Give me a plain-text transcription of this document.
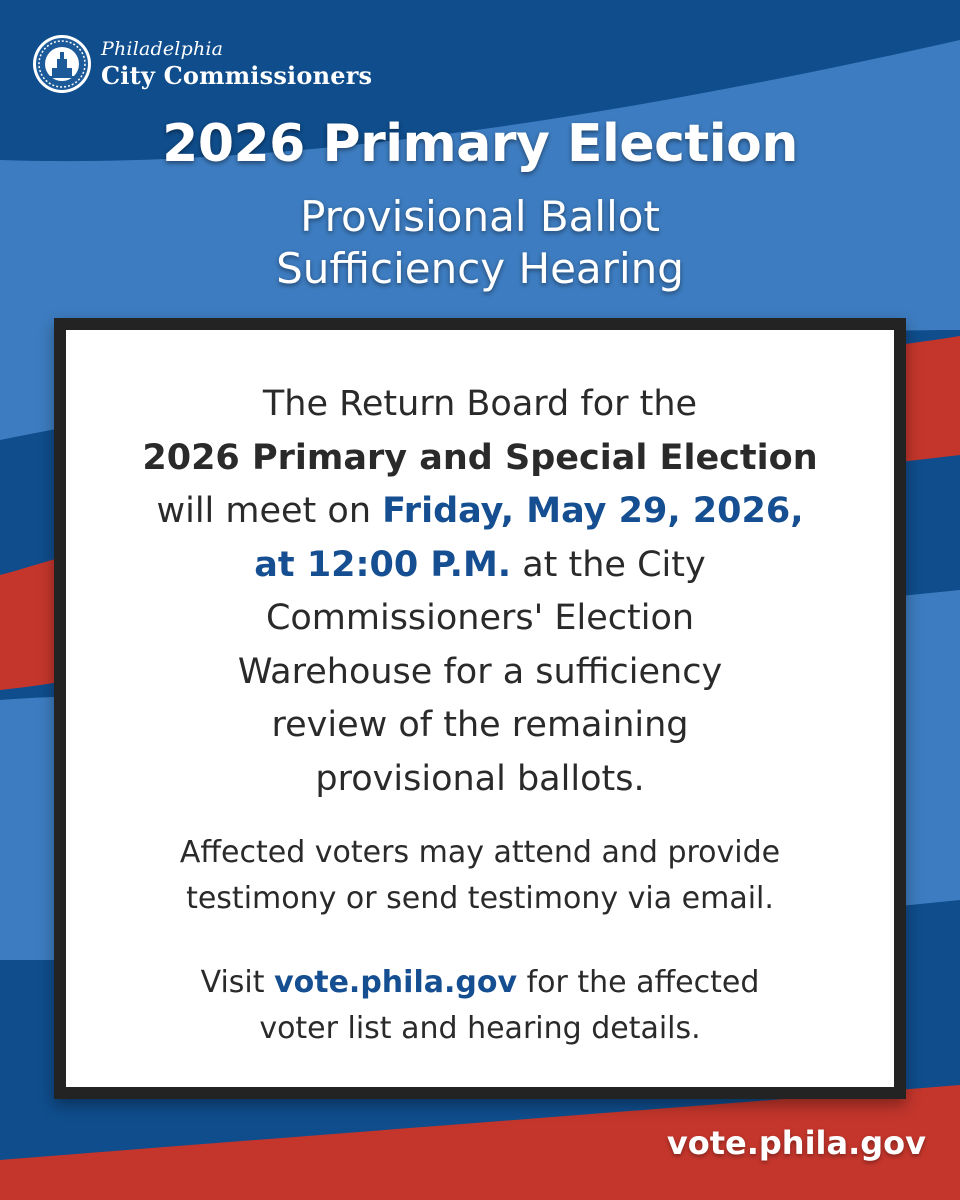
Philadelphia
City Commissioners
2026 Primary Election
Provisional Ballot
Sufficiency Hearing

The Return Board for the
2026 Primary and Special Election
will meet on Friday, May 29, 2026,
at 12:00 P.M. at the City
Commissioners' Election
Warehouse for a sufficiency
review of the remaining
provisional ballots.

Affected voters may attend and provide
testimony or send testimony via email.

Visit vote.phila.gov for the affected
voter list and hearing details.

vote.phila.gov
